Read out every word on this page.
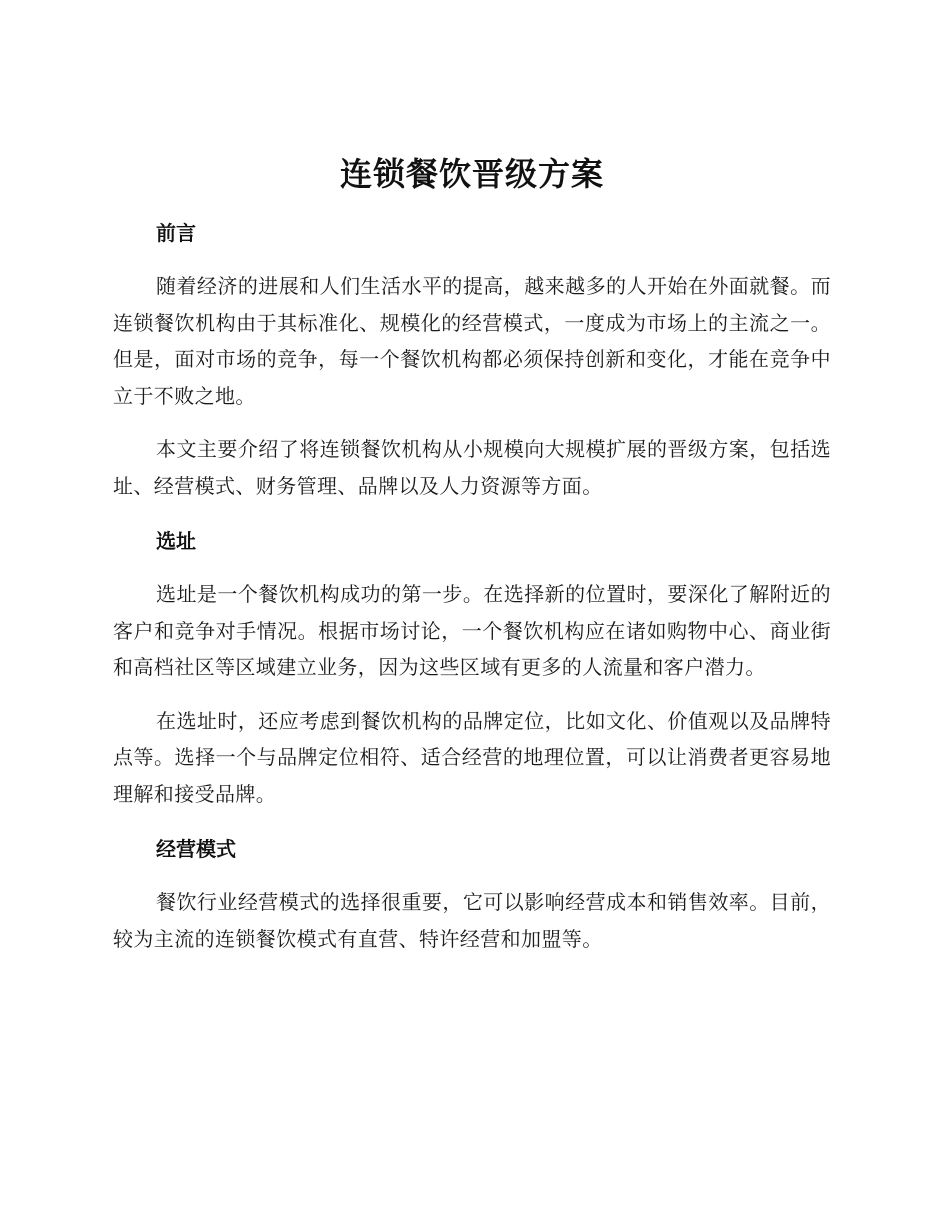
连锁餐饮晋级方案
前言

随着经济的进展和人们生活水平的提高，越来越多的人开始在外面就餐。而连锁餐饮机构由于其标准化、规模化的经营模式，一度成为市场上的主流之一。但是，面对市场的竞争，每一个餐饮机构都必须保持创新和变化，才能在竞争中立于不败之地。

本文主要介绍了将连锁餐饮机构从小规模向大规模扩展的晋级方案，包括选址、经营模式、财务管理、品牌以及人力资源等方面。

选址

选址是一个餐饮机构成功的第一步。在选择新的位置时，要深化了解附近的客户和竞争对手情况。根据市场讨论，一个餐饮机构应在诸如购物中心、商业街和高档社区等区域建立业务，因为这些区域有更多的人流量和客户潜力。

在选址时，还应考虑到餐饮机构的品牌定位，比如文化、价值观以及品牌特点等。选择一个与品牌定位相符、适合经营的地理位置，可以让消费者更容易地理解和接受品牌。

经营模式

餐饮行业经营模式的选择很重要，它可以影响经营成本和销售效率。目前，较为主流的连锁餐饮模式有直营、特许经营和加盟等。
